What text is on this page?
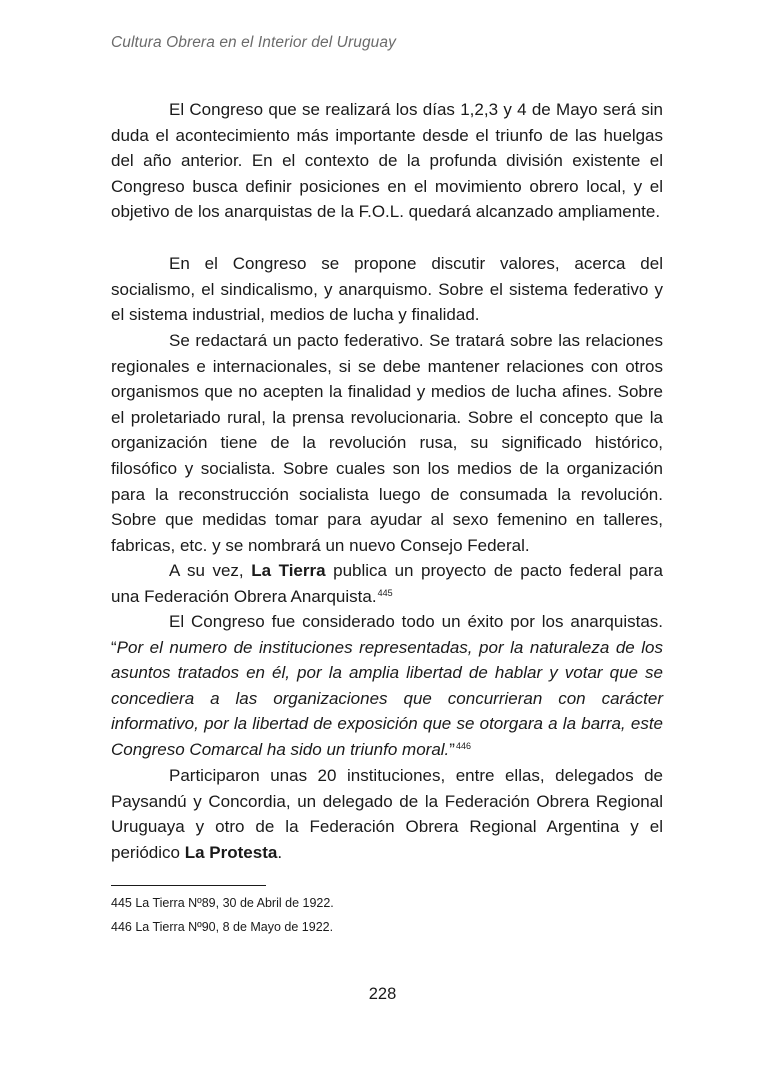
Cultura Obrera en el Interior del Uruguay

El Congreso que se realizará los días 1,2,3 y 4 de Mayo será sin duda el acontecimiento más importante desde el triunfo de las huelgas del año anterior. En el contexto de la profunda división existente el Congreso busca definir posiciones en el movimiento obrero local, y el objetivo de los anarquistas de la F.O.L. quedará alcanzado ampliamente.

En el Congreso se propone discutir valores, acerca del socialismo, el sindicalismo, y anarquismo. Sobre el sistema federativo y el sistema industrial, medios de lucha y finalidad.

Se redactará un pacto federativo. Se tratará sobre las relaciones regionales e internacionales, si se debe mantener relaciones con otros organismos que no acepten la finalidad y medios de lucha afines. Sobre el proletariado rural, la prensa revolucionaria. Sobre el concepto que la organización tiene de la revolución rusa, su significado histórico, filosófico y socialista. Sobre cuales son los medios de la organización para la reconstrucción socialista luego de consumada la revolución. Sobre que medidas tomar para ayudar al sexo femenino en talleres, fabricas, etc. y se nombrará un nuevo Consejo Federal.

A su vez, La Tierra publica un proyecto de pacto federal para una Federación Obrera Anarquista.$^{445}$

El Congreso fue considerado todo un éxito por los anarquistas. “Por el numero de instituciones representadas, por la naturaleza de los asuntos tratados en él, por la amplia libertad de hablar y votar que se concediera a las organizaciones que concurrieran con carácter informativo, por la libertad de exposición que se otorgara a la barra, este Congreso Comarcal ha sido un triunfo moral.”$^{446}$

Participaron unas 20 instituciones, entre ellas, delegados de Paysandú y Concordia, un delegado de la Federación Obrera Regional Uruguaya y otro de la Federación Obrera Regional Argentina y el periódico La Protesta.

445 La Tierra Nº89, 30 de Abril de 1922.
446 La Tierra Nº90, 8 de Mayo de 1922.
228
